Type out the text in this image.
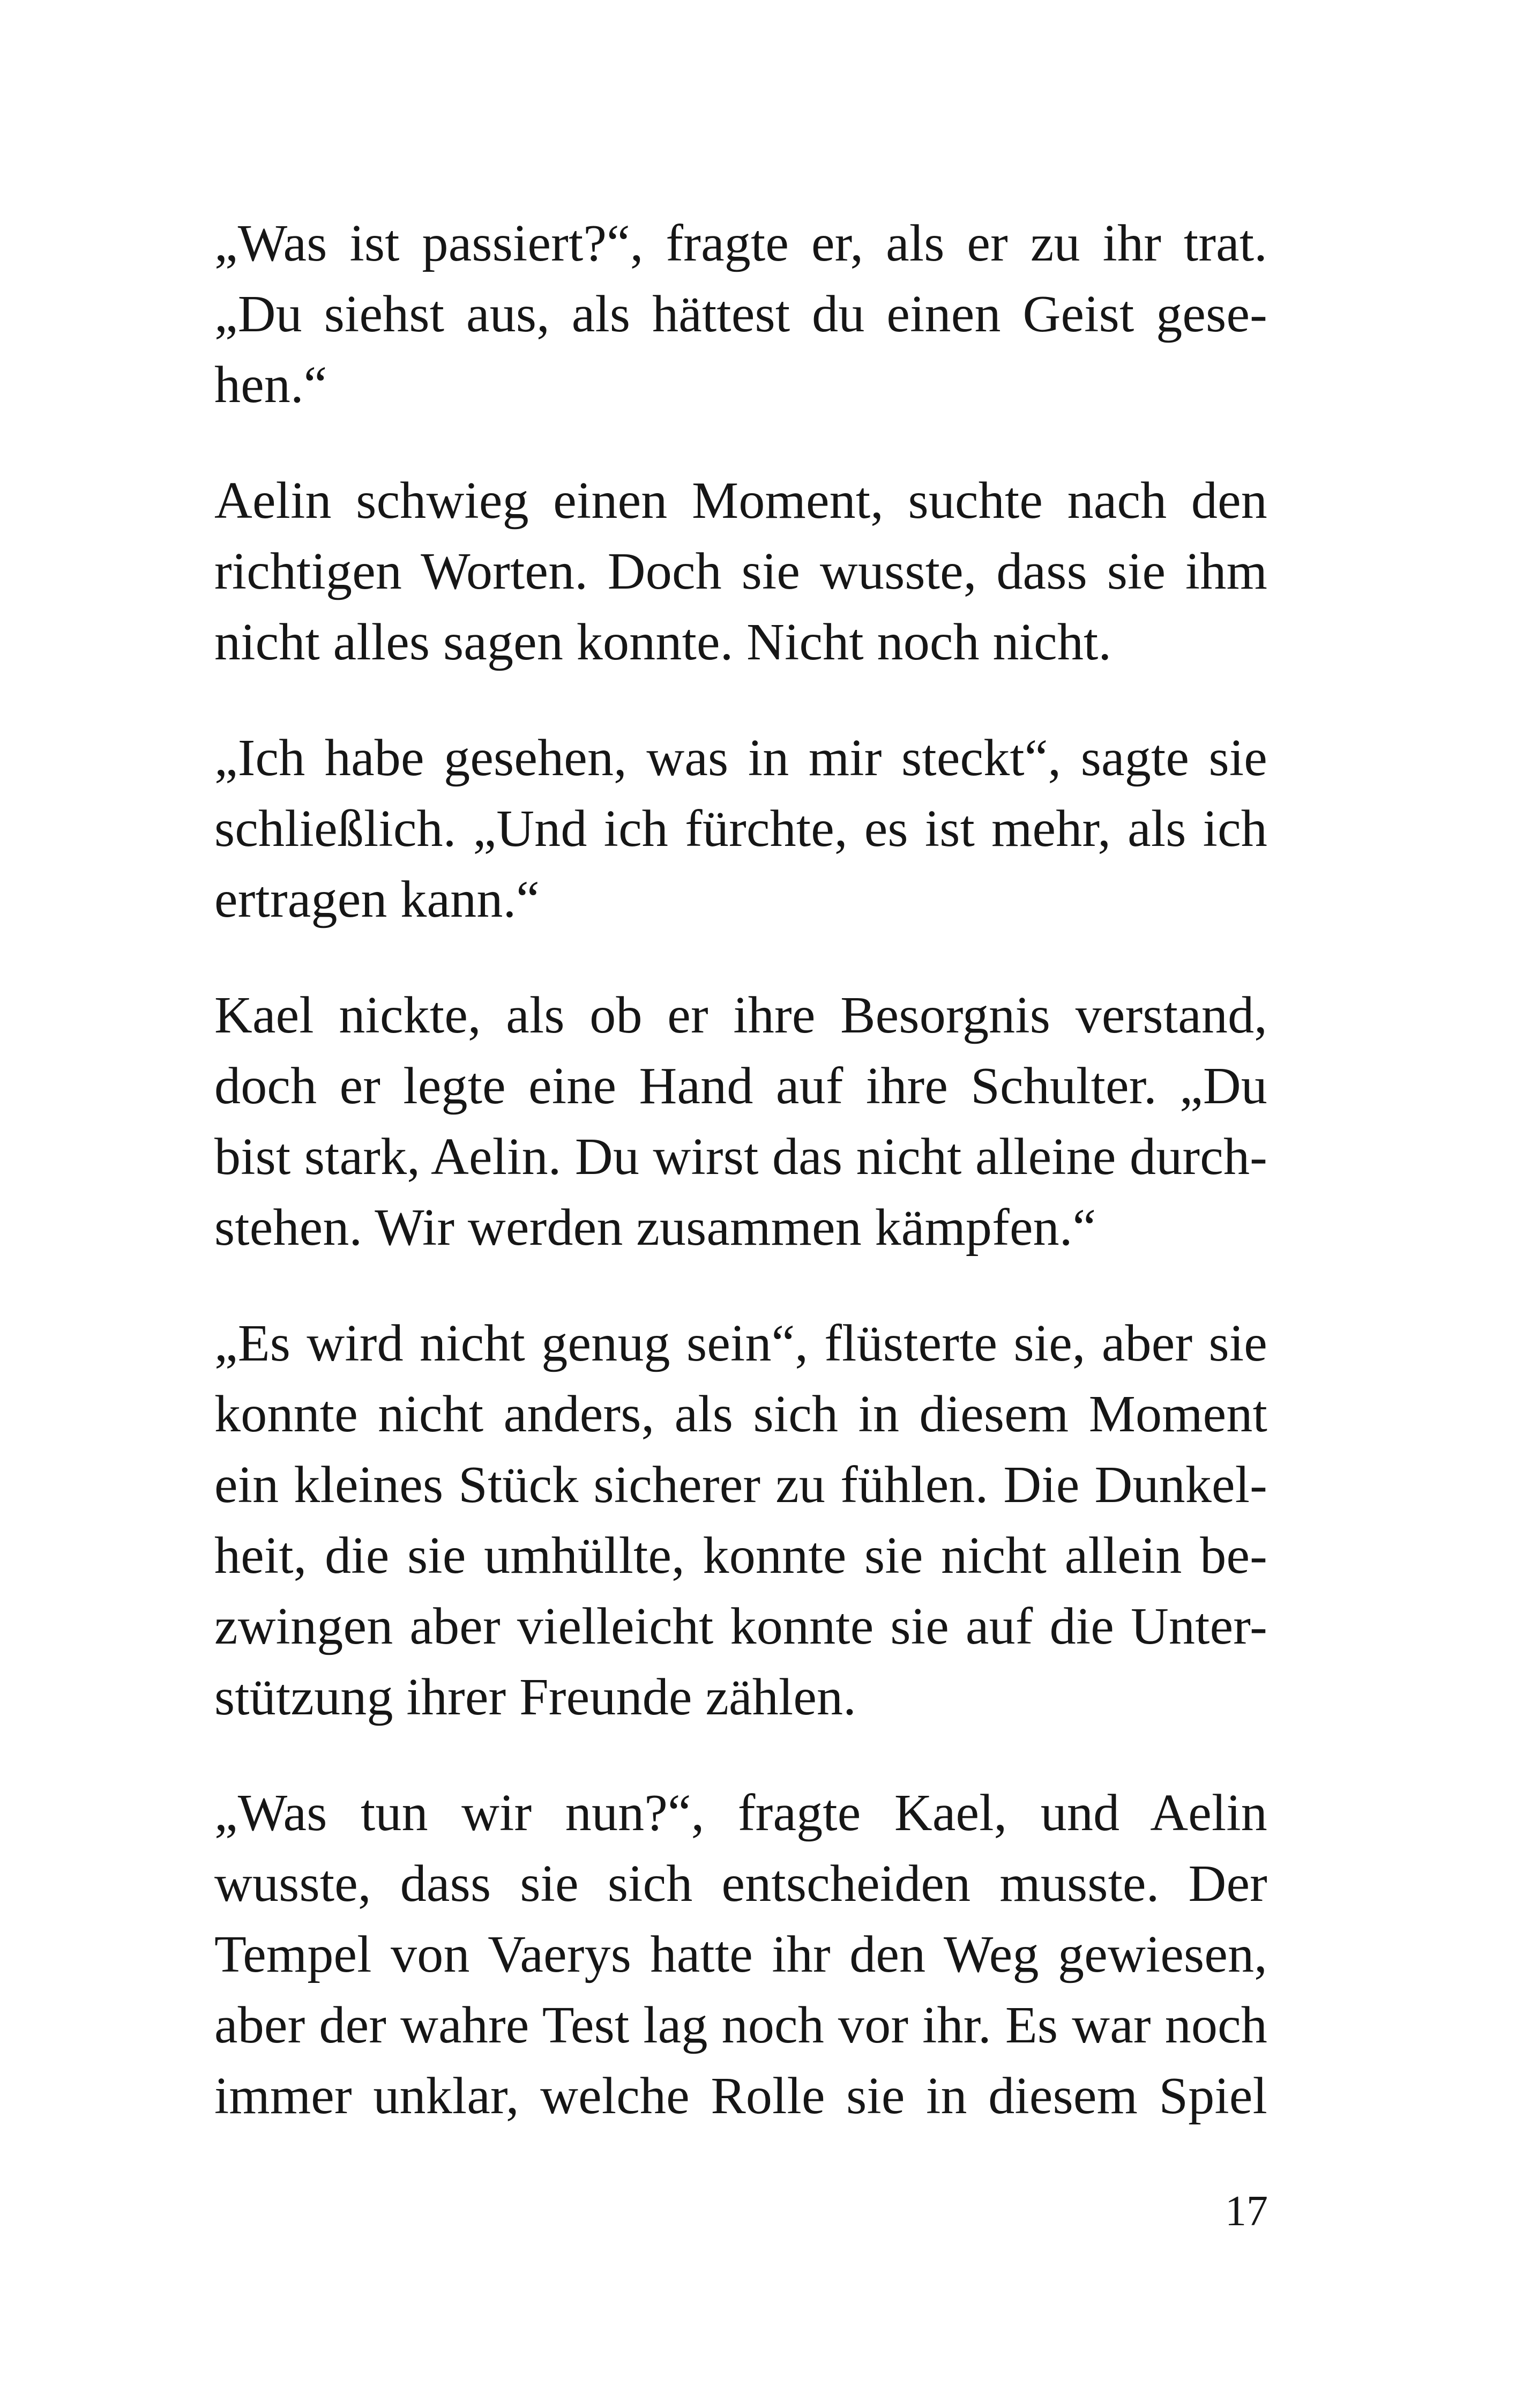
„Was ist passiert?“, fragte er, als er zu ihr trat.
„Du siehst aus, als hättest du einen Geist gese-
hen.“
Aelin schwieg einen Moment, suchte nach den
richtigen Worten. Doch sie wusste, dass sie ihm
nicht alles sagen konnte. Nicht noch nicht.
„Ich habe gesehen, was in mir steckt“, sagte sie
schließlich. „Und ich fürchte, es ist mehr, als ich
ertragen kann.“
Kael nickte, als ob er ihre Besorgnis verstand,
doch er legte eine Hand auf ihre Schulter. „Du
bist stark, Aelin. Du wirst das nicht alleine durch-
stehen. Wir werden zusammen kämpfen.“
„Es wird nicht genug sein“, flüsterte sie, aber sie
konnte nicht anders, als sich in diesem Moment
ein kleines Stück sicherer zu fühlen. Die Dunkel-
heit, die sie umhüllte, konnte sie nicht allein be-
zwingen aber vielleicht konnte sie auf die Unter-
stützung ihrer Freunde zählen.
„Was tun wir nun?“, fragte Kael, und Aelin
wusste, dass sie sich entscheiden musste. Der
Tempel von Vaerys hatte ihr den Weg gewiesen,
aber der wahre Test lag noch vor ihr. Es war noch
immer unklar, welche Rolle sie in diesem Spiel
17
